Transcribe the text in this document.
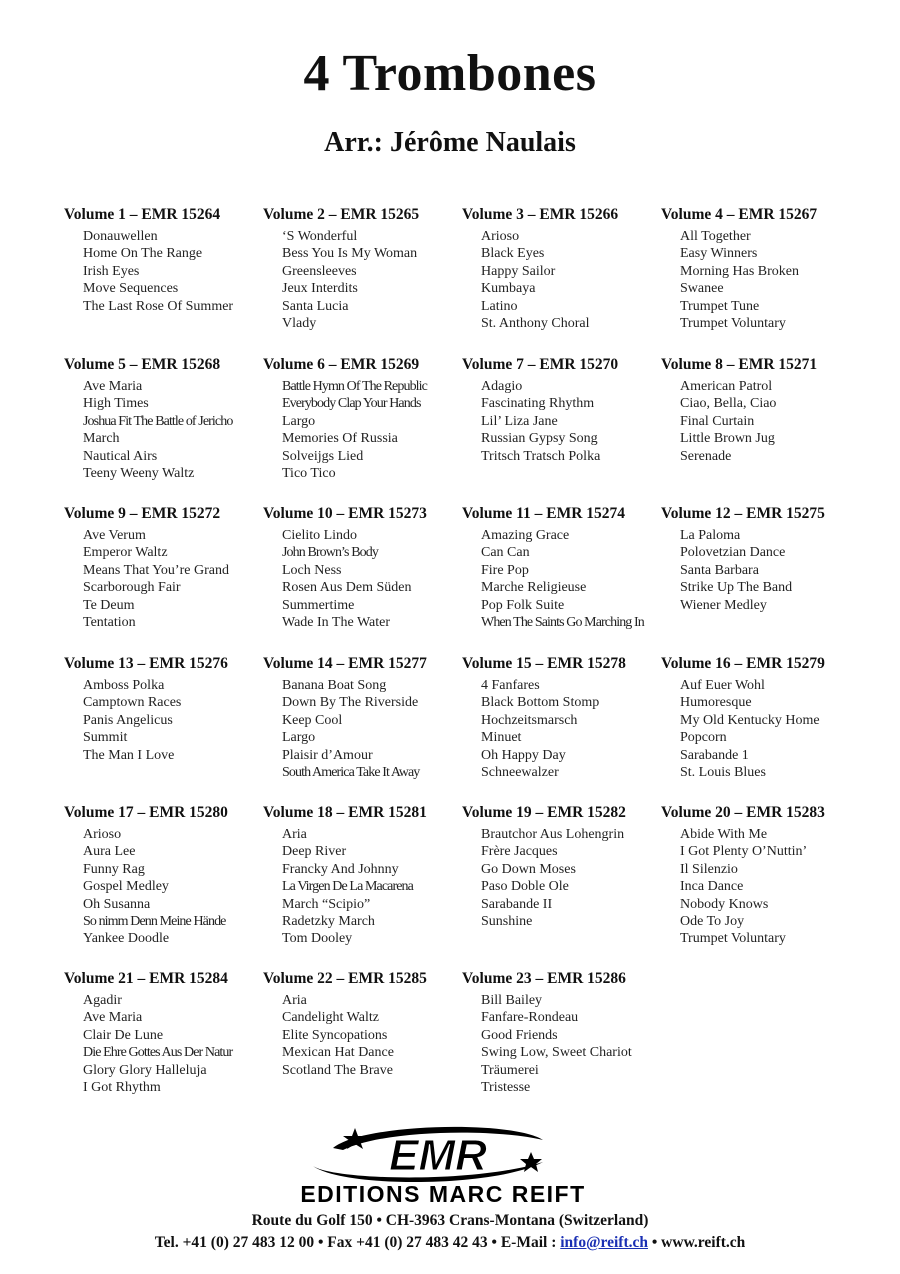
4 Trombones
Arr.: Jérôme Naulais
Volume 1 – EMR 15264
Donauwellen
Home On The Range
Irish Eyes
Move Sequences
The Last Rose Of Summer
Volume 2 – EMR 15265
‘S Wonderful
Bess You Is My Woman
Greensleeves
Jeux Interdits
Santa Lucia
Vlady
Volume 3 – EMR 15266
Arioso
Black Eyes
Happy Sailor
Kumbaya
Latino
St. Anthony Choral
Volume 4 – EMR 15267
All Together
Easy Winners
Morning Has Broken
Swanee
Trumpet Tune
Trumpet Voluntary
Volume 5 – EMR 15268
Ave Maria
High Times
Joshua Fit The Battle of Jericho
March
Nautical Airs
Teeny Weeny Waltz
Volume 6 – EMR 15269
Battle Hymn Of The Republic
Everybody Clap Your Hands
Largo
Memories Of Russia
Solveijgs Lied
Tico Tico
Volume 7 – EMR 15270
Adagio
Fascinating Rhythm
Lil’ Liza Jane
Russian Gypsy Song
Tritsch Tratsch Polka
Volume 8 – EMR 15271
American Patrol
Ciao, Bella, Ciao
Final Curtain
Little Brown Jug
Serenade
Volume 9 – EMR 15272
Ave Verum
Emperor Waltz
Means That You’re Grand
Scarborough Fair
Te Deum
Tentation
Volume 10 – EMR 15273
Cielito Lindo
John Brown’s Body
Loch Ness
Rosen Aus Dem Süden
Summertime
Wade In The Water
Volume 11 – EMR 15274
Amazing Grace
Can Can
Fire Pop
Marche Religieuse
Pop Folk Suite
When The Saints Go Marching In
Volume 12 – EMR 15275
La Paloma
Polovetzian Dance
Santa Barbara
Strike Up The Band
Wiener Medley
Volume 13 – EMR 15276
Amboss Polka
Camptown Races
Panis Angelicus
Summit
The Man I Love
Volume 14 – EMR 15277
Banana Boat Song
Down By The Riverside
Keep Cool
Largo
Plaisir d’Amour
South America Take It Away
Volume 15 – EMR 15278
4 Fanfares
Black Bottom Stomp
Hochzeitsmarsch
Minuet
Oh Happy Day
Schneewalzer
Volume 16 – EMR 15279
Auf Euer Wohl
Humoresque
My Old Kentucky Home
Popcorn
Sarabande 1
St. Louis Blues
Volume 17 – EMR 15280
Arioso
Aura Lee
Funny Rag
Gospel Medley
Oh Susanna
So nimm Denn Meine Hände
Yankee Doodle
Volume 18 – EMR 15281
Aria
Deep River
Francky And Johnny
La Virgen De La Macarena
March “Scipio”
Radetzky March
Tom Dooley
Volume 19 – EMR 15282
Brautchor Aus Lohengrin
Frère Jacques
Go Down Moses
Paso Doble Ole
Sarabande II
Sunshine
Volume 20 – EMR 15283
Abide With Me
I Got Plenty O’Nuttin’
Il Silenzio
Inca Dance
Nobody Knows
Ode To Joy
Trumpet Voluntary
Volume 21 – EMR 15284
Agadir
Ave Maria
Clair De Lune
Die Ehre Gottes Aus Der Natur
Glory Glory Halleluja
I Got Rhythm
Volume 22 – EMR 15285
Aria
Candelight Waltz
Elite Syncopations
Mexican Hat Dance
Scotland The Brave
Volume 23 – EMR 15286
Bill Bailey
Fanfare-Rondeau
Good Friends
Swing Low, Sweet Chariot
Träumerei
Tristesse
EMR
EDITIONS MARC REIFT
Route du Golf 150 • CH-3963 Crans-Montana (Switzerland)
Tel. +41 (0) 27 483 12 00 • Fax +41 (0) 27 483 42 43 • E-Mail : info@reift.ch • www.reift.ch
